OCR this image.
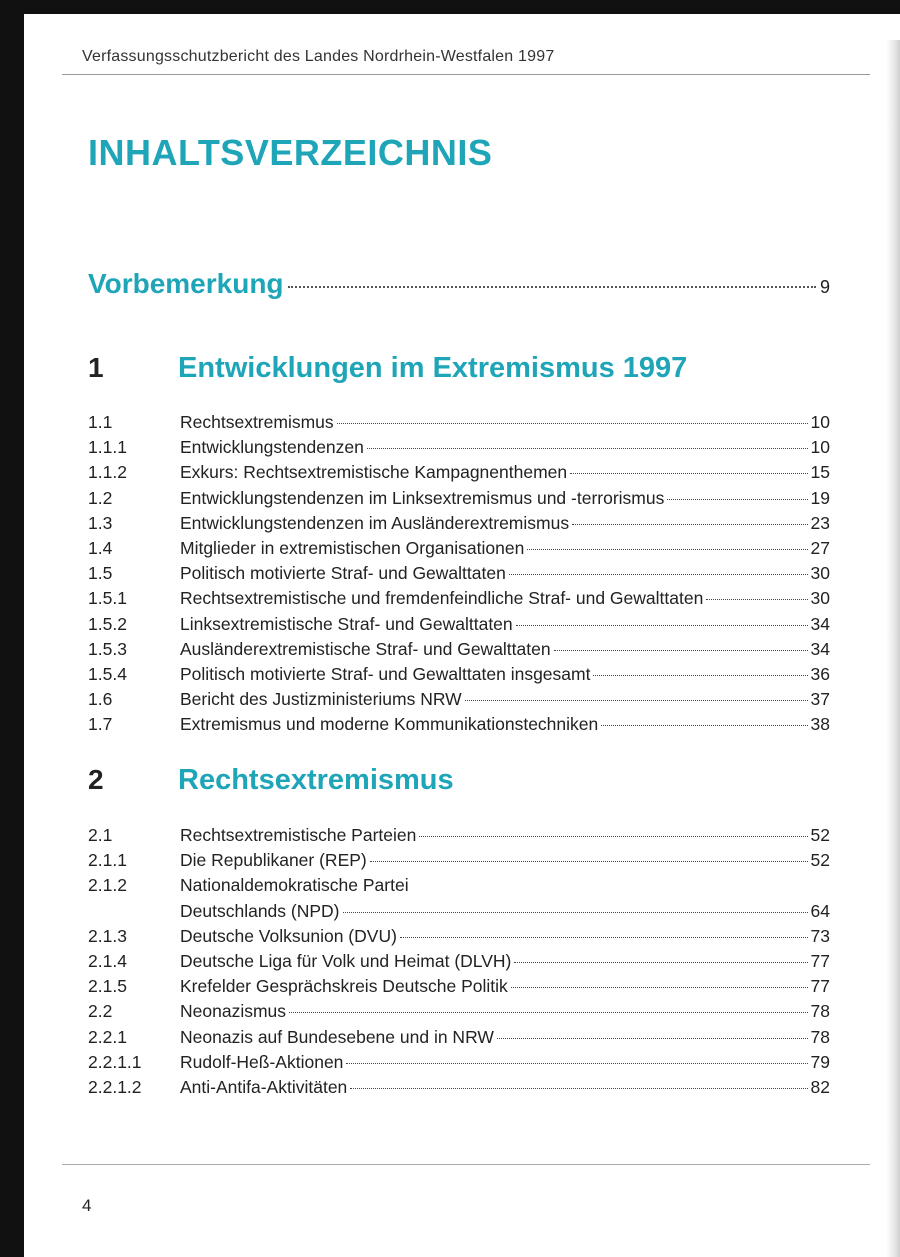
Verfassungsschutzbericht des Landes Nordrhein-Westfalen 1997
INHALTSVERZEICHNIS
Vorbemerkung	9
1	Entwicklungen im Extremismus 1997
1.1	Rechtsextremismus	10
1.1.1	Entwicklungstendenzen	10
1.1.2	Exkurs: Rechtsextremistische Kampagnenthemen	15
1.2	Entwicklungstendenzen im Linksextremismus und -terrorismus	19
1.3	Entwicklungstendenzen im Ausländerextremismus	23
1.4	Mitglieder in extremistischen Organisationen	27
1.5	Politisch motivierte Straf- und Gewalttaten	30
1.5.1	Rechtsextremistische und fremdenfeindliche Straf- und Gewalttaten	30
1.5.2	Linksextremistische Straf- und Gewalttaten	34
1.5.3	Ausländerextremistische Straf- und Gewalttaten	34
1.5.4	Politisch motivierte Straf- und Gewalttaten insgesamt	36
1.6	Bericht des Justizministeriums NRW	37
1.7	Extremismus und moderne Kommunikationstechniken	38
2	Rechtsextremismus
2.1	Rechtsextremistische Parteien	52
2.1.1	Die Republikaner (REP)	52
2.1.2	Nationaldemokratische Partei
Deutschlands (NPD)	64
2.1.3	Deutsche Volksunion (DVU)	73
2.1.4	Deutsche Liga für Volk und Heimat (DLVH)	77
2.1.5	Krefelder Gesprächskreis Deutsche Politik	77
2.2	Neonazismus	78
2.2.1	Neonazis auf Bundesebene und in NRW	78
2.2.1.1	Rudolf-Heß-Aktionen	79
2.2.1.2	Anti-Antifa-Aktivitäten	82
4
